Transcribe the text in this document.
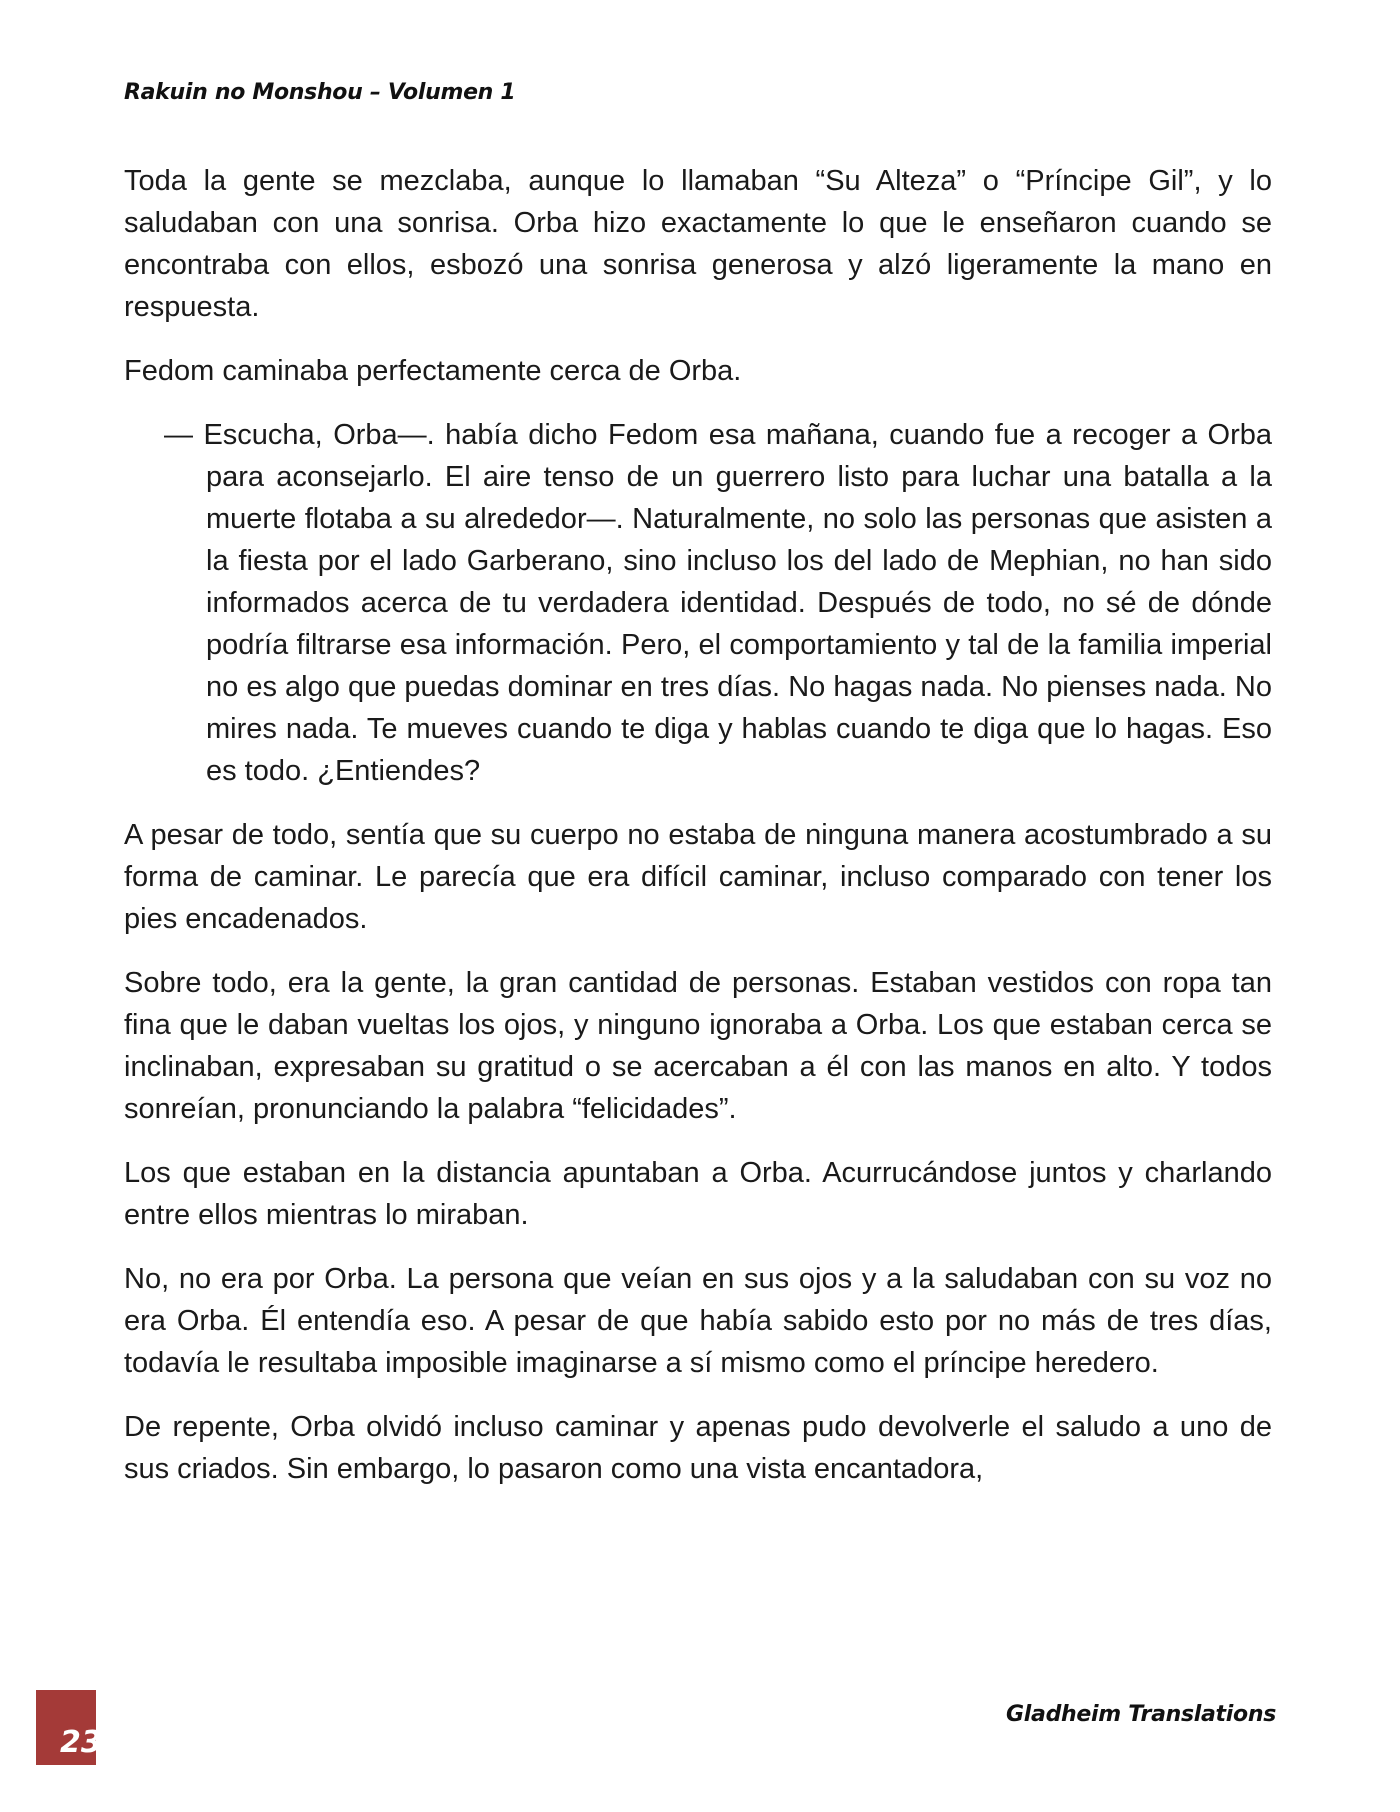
Rakuin no Monshou – Volumen 1

Toda la gente se mezclaba, aunque lo llamaban “Su Alteza” o “Príncipe Gil”, y lo saludaban con una sonrisa. Orba hizo exactamente lo que le enseñaron cuando se encontraba con ellos, esbozó una sonrisa generosa y alzó ligeramente la mano en respuesta.

Fedom caminaba perfectamente cerca de Orba.

— Escucha, Orba—. había dicho Fedom esa mañana, cuando fue a recoger a Orba para aconsejarlo. El aire tenso de un guerrero listo para luchar una batalla a la muerte flotaba a su alrededor—. Naturalmente, no solo las personas que asisten a la fiesta por el lado Garberano, sino incluso los del lado de Mephian, no han sido informados acerca de tu verdadera identidad. Después de todo, no sé de dónde podría filtrarse esa información. Pero, el comportamiento y tal de la familia imperial no es algo que puedas dominar en tres días. No hagas nada. No pienses nada. No mires nada. Te mueves cuando te diga y hablas cuando te diga que lo hagas. Eso es todo. ¿Entiendes?

A pesar de todo, sentía que su cuerpo no estaba de ninguna manera acostumbrado a su forma de caminar. Le parecía que era difícil caminar, incluso comparado con tener los pies encadenados.

Sobre todo, era la gente, la gran cantidad de personas. Estaban vestidos con ropa tan fina que le daban vueltas los ojos, y ninguno ignoraba a Orba. Los que estaban cerca se inclinaban, expresaban su gratitud o se acercaban a él con las manos en alto. Y todos sonreían, pronunciando la palabra “felicidades”.

Los que estaban en la distancia apuntaban a Orba. Acurrucándose juntos y charlando entre ellos mientras lo miraban.

No, no era por Orba. La persona que veían en sus ojos y a la saludaban con su voz no era Orba. Él entendía eso. A pesar de que había sabido esto por no más de tres días, todavía le resultaba imposible imaginarse a sí mismo como el príncipe heredero.

De repente, Orba olvidó incluso caminar y apenas pudo devolverle el saludo a uno de sus criados. Sin embargo, lo pasaron como una vista encantadora,

23
Gladheim Translations
